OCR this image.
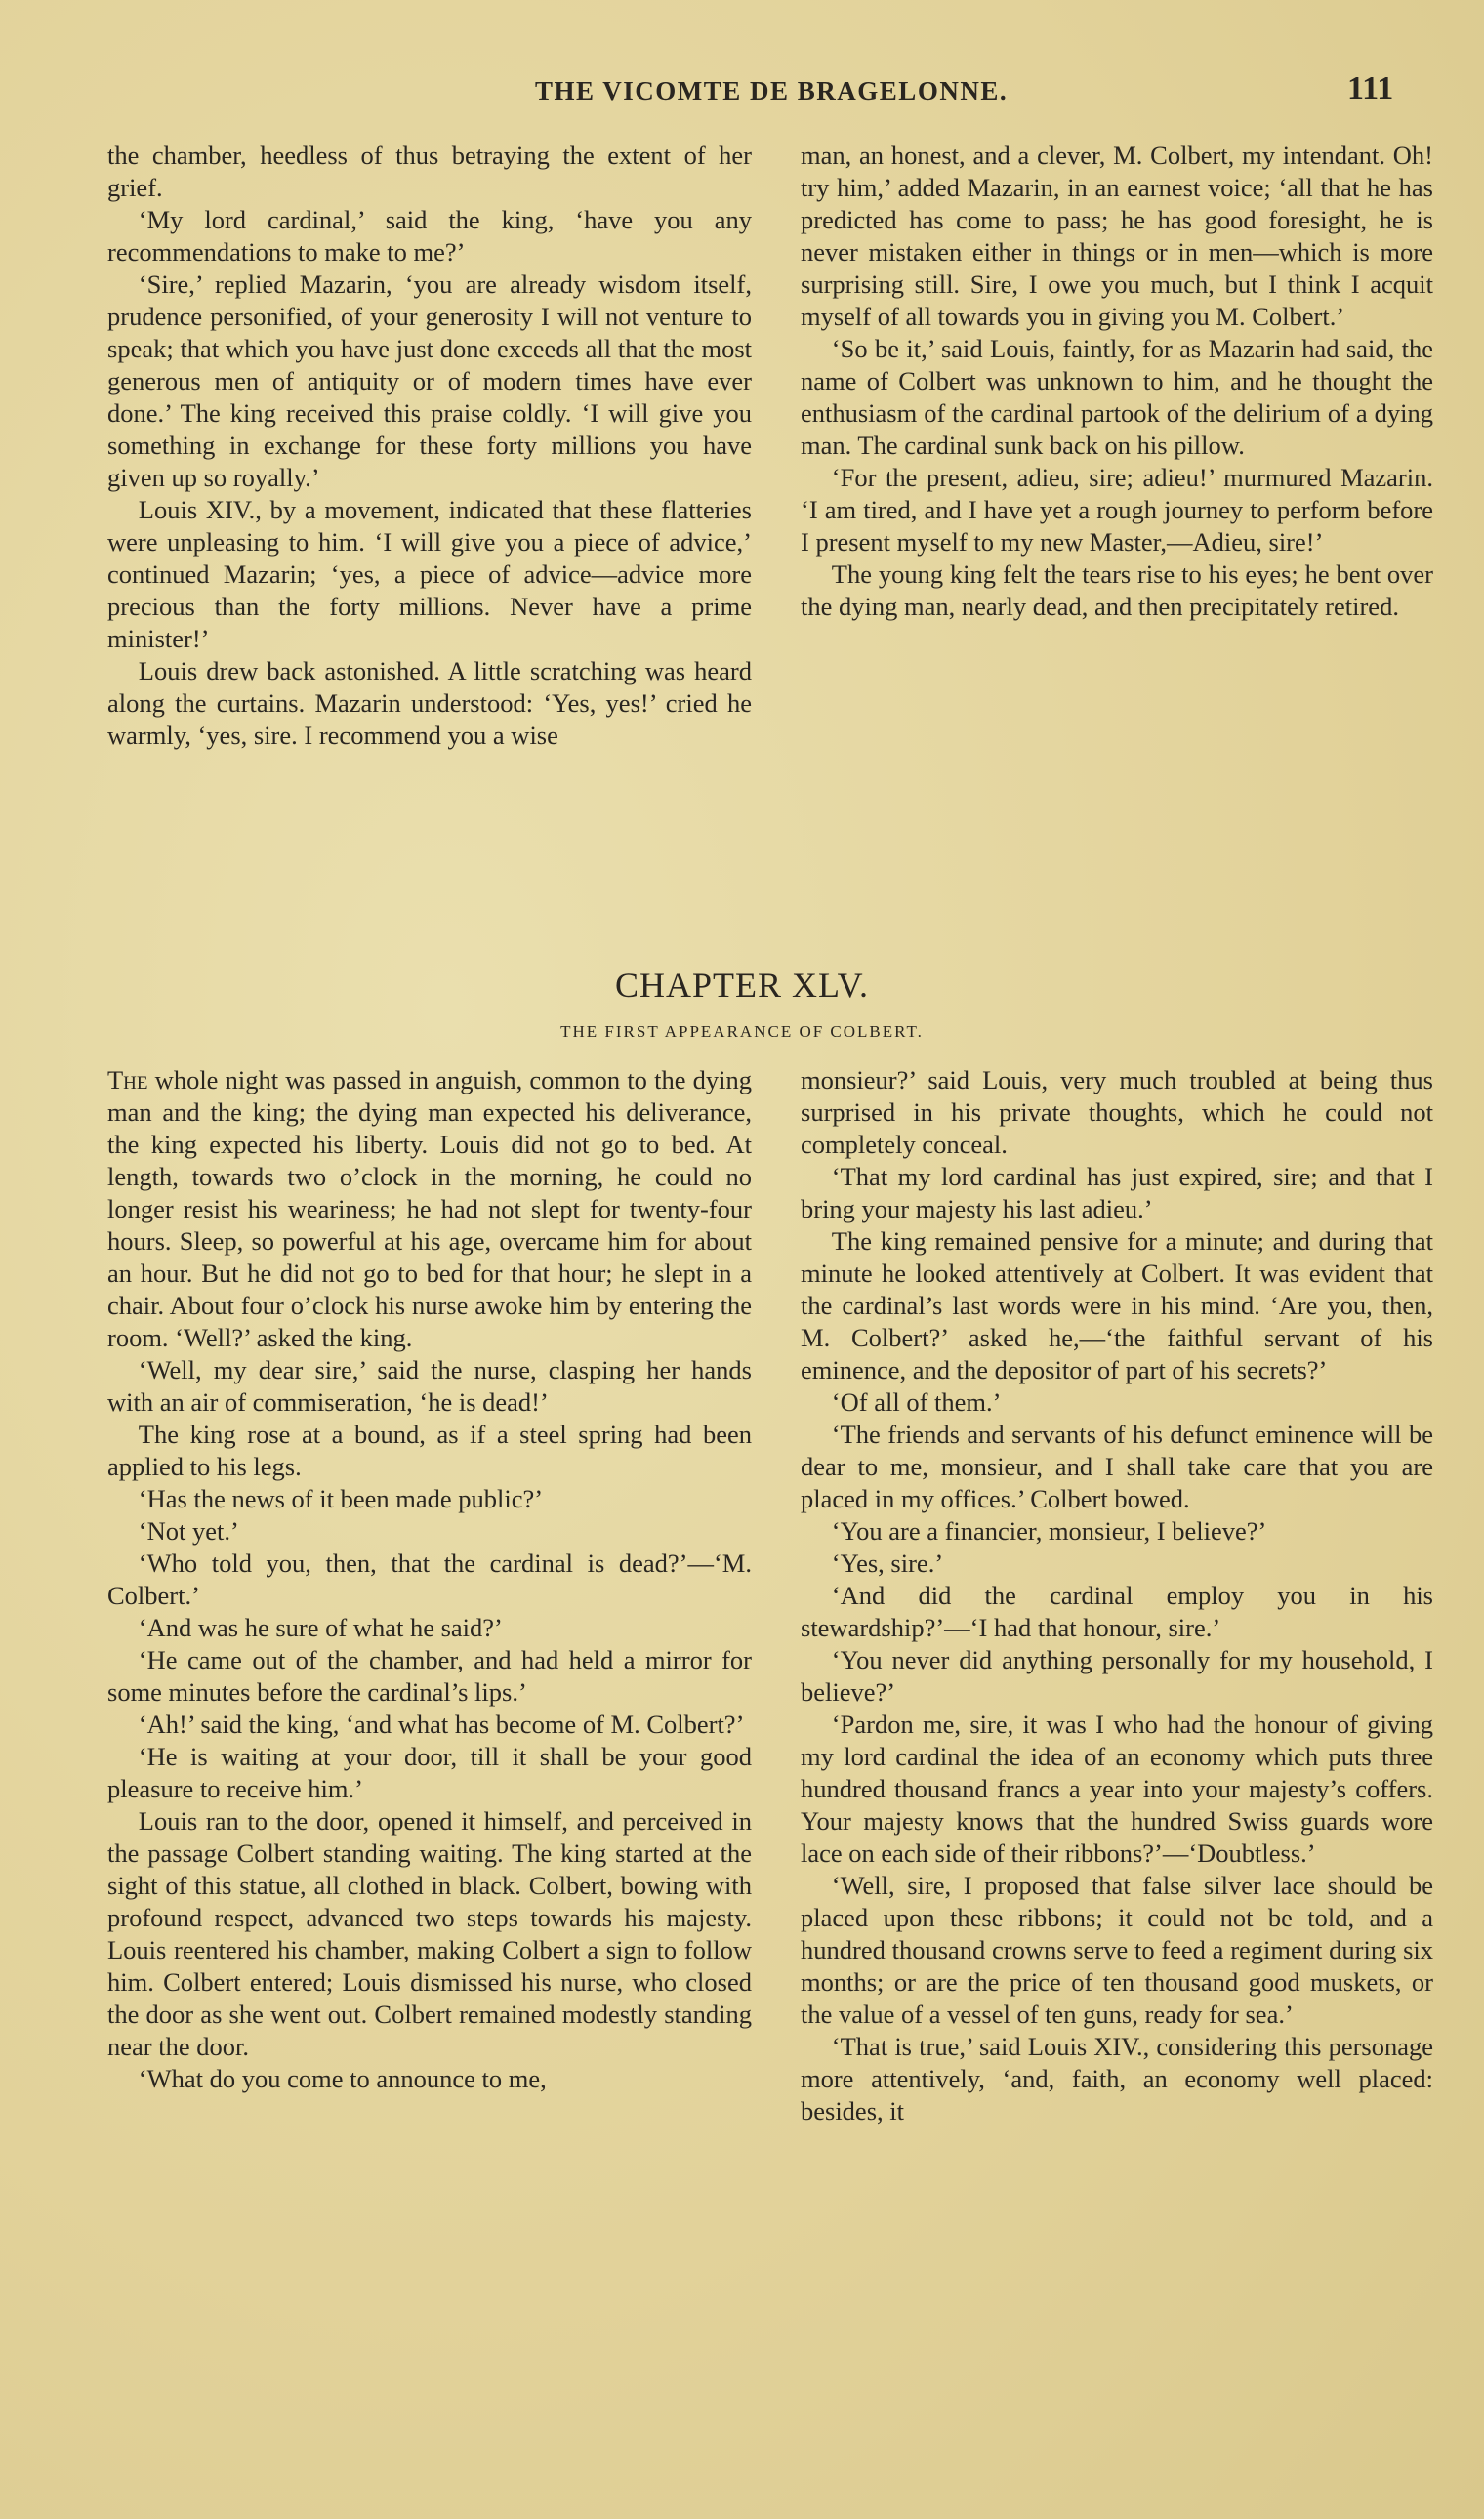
THE VICOMTE DE BRAGELONNE.	111

the chamber, heedless of thus betraying the extent of her grief.

‘My lord cardinal,’ said the king, ‘have you any recommendations to make to me?’

‘Sire,’ replied Mazarin, ‘you are already wisdom itself, prudence personified, of your generosity I will not venture to speak; that which you have just done exceeds all that the most generous men of antiquity or of modern times have ever done.’ The king received this praise coldly. ‘I will give you something in exchange for these forty millions you have given up so royally.’

Louis XIV., by a movement, indicated that these flatteries were unpleasing to him. ‘I will give you a piece of advice,’ continued Mazarin; ‘yes, a piece of advice—advice more precious than the forty millions. Never have a prime minister!’

Louis drew back astonished. A little scratching was heard along the curtains. Mazarin understood: ‘Yes, yes!’ cried he warmly, ‘yes, sire. I recommend you a wise

man, an honest, and a clever, M. Colbert, my intendant. Oh! try him,’ added Mazarin, in an earnest voice; ‘all that he has predicted has come to pass; he has good foresight, he is never mistaken either in things or in men—which is more surprising still. Sire, I owe you much, but I think I acquit myself of all towards you in giving you M. Colbert.’

‘So be it,’ said Louis, faintly, for as Mazarin had said, the name of Colbert was unknown to him, and he thought the enthusiasm of the cardinal partook of the delirium of a dying man. The cardinal sunk back on his pillow.

‘For the present, adieu, sire; adieu!’ murmured Mazarin. ‘I am tired, and I have yet a rough journey to perform before I present myself to my new Master,—Adieu, sire!’

The young king felt the tears rise to his eyes; he bent over the dying man, nearly dead, and then precipitately retired.

CHAPTER XLV.
THE FIRST APPEARANCE OF COLBERT.

The whole night was passed in anguish, common to the dying man and the king; the dying man expected his deliverance, the king expected his liberty. Louis did not go to bed. At length, towards two o’clock in the morning, he could no longer resist his weariness; he had not slept for twenty-four hours. Sleep, so powerful at his age, overcame him for about an hour. But he did not go to bed for that hour; he slept in a chair. About four o’clock his nurse awoke him by entering the room. ‘Well?’ asked the king.

‘Well, my dear sire,’ said the nurse, clasping her hands with an air of commiseration, ‘he is dead!’

The king rose at a bound, as if a steel spring had been applied to his legs.

‘Has the news of it been made public?’

‘Not yet.’

‘Who told you, then, that the cardinal is dead?’—‘M. Colbert.’

‘And was he sure of what he said?’

‘He came out of the chamber, and had held a mirror for some minutes before the cardinal’s lips.’

‘Ah!’ said the king, ‘and what has become of M. Colbert?’

‘He is waiting at your door, till it shall be your good pleasure to receive him.’

Louis ran to the door, opened it himself, and perceived in the passage Colbert standing waiting. The king started at the sight of this statue, all clothed in black. Colbert, bowing with profound respect, advanced two steps towards his majesty. Louis reentered his chamber, making Colbert a sign to follow him. Colbert entered; Louis dismissed his nurse, who closed the door as she went out. Colbert remained modestly standing near the door.

‘What do you come to announce to me,

monsieur?’ said Louis, very much troubled at being thus surprised in his private thoughts, which he could not completely conceal.

‘That my lord cardinal has just expired, sire; and that I bring your majesty his last adieu.’

The king remained pensive for a minute; and during that minute he looked attentively at Colbert. It was evident that the cardinal’s last words were in his mind. ‘Are you, then, M. Colbert?’ asked he,—‘the faithful servant of his eminence, and the depositor of part of his secrets?’

‘Of all of them.’

‘The friends and servants of his defunct eminence will be dear to me, monsieur, and I shall take care that you are placed in my offices.’ Colbert bowed.

‘You are a financier, monsieur, I believe?’

‘Yes, sire.’

‘And did the cardinal employ you in his stewardship?’—‘I had that honour, sire.’

‘You never did anything personally for my household, I believe?’

‘Pardon me, sire, it was I who had the honour of giving my lord cardinal the idea of an economy which puts three hundred thousand francs a year into your majesty’s coffers. Your majesty knows that the hundred Swiss guards wore lace on each side of their ribbons?’—‘Doubtless.’

‘Well, sire, I proposed that false silver lace should be placed upon these ribbons; it could not be told, and a hundred thousand crowns serve to feed a regiment during six months; or are the price of ten thousand good muskets, or the value of a vessel of ten guns, ready for sea.’

‘That is true,’ said Louis XIV., considering this personage more attentively, ‘and, faith, an economy well placed: besides, it
